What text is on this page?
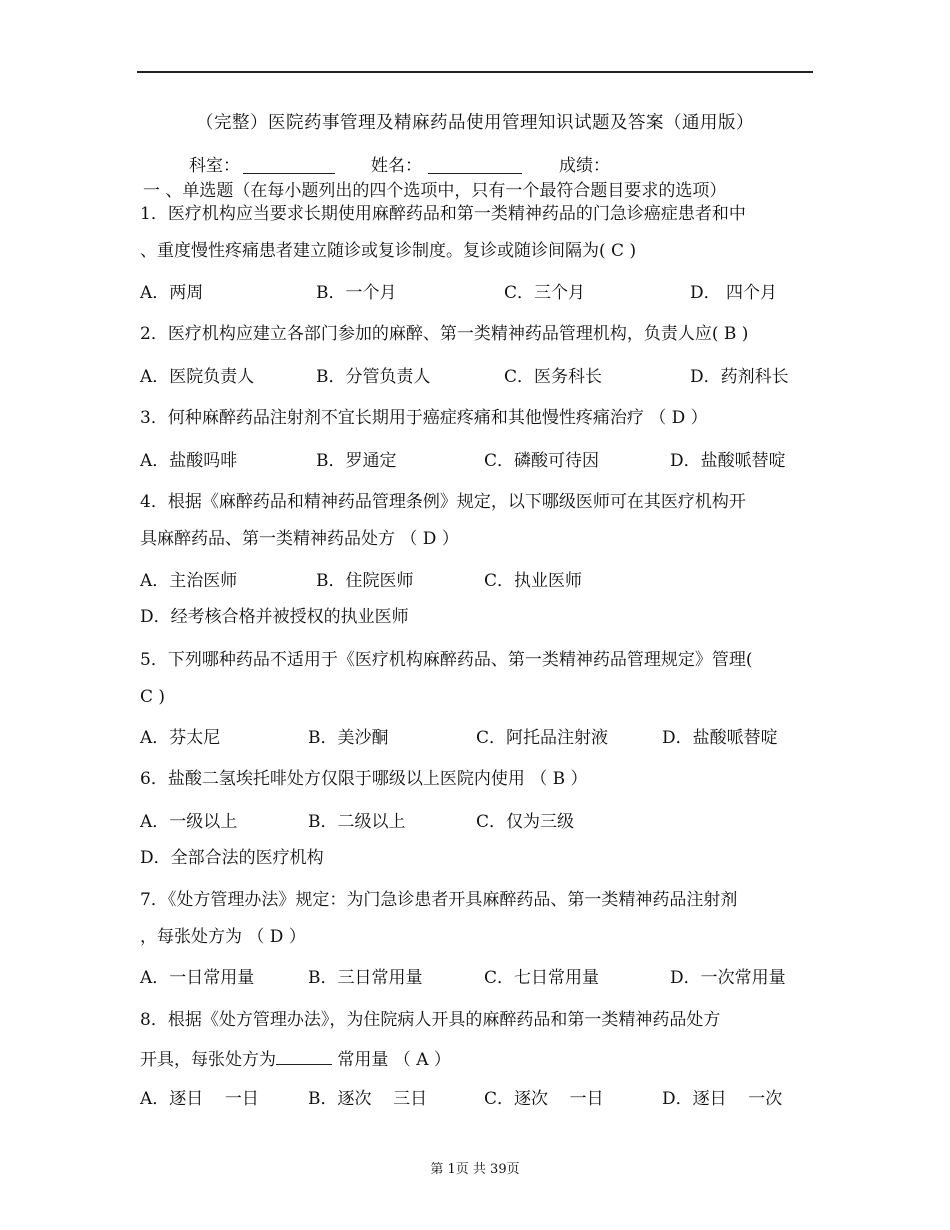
（完整）医院药事管理及精麻药品使用管理知识试题及答案（通用版）
科室：	姓名：	成绩：
一 、单选题（在每小题列出的四个选项中，只有一个最符合题目要求的选项）
1．医疗机构应当要求长期使用麻醉药品和第一类精神药品的门急诊癌症患者和中
、重度慢性疼痛患者建立随诊或复诊制度。复诊或随诊间隔为( C )
A．两周	B．一个月	C．三个月	D． 四个月
2．医疗机构应建立各部门参加的麻醉、第一类精神药品管理机构，负责人应( B )
A．医院负责人	B．分管负责人	C．医务科长	D．药剂科长
3．何种麻醉药品注射剂不宜长期用于癌症疼痛和其他慢性疼痛治疗 （ D ）
A．盐酸吗啡	B．罗通定	C．磷酸可待因	D．盐酸哌替啶
4．根据《麻醉药品和精神药品管理条例》规定，以下哪级医师可在其医疗机构开
具麻醉药品、第一类精神药品处方 （ D ）
A．主治医师	B．住院医师	C．执业医师
D．经考核合格并被授权的执业医师
5．下列哪种药品不适用于《医疗机构麻醉药品、第一类精神药品管理规定》管理(
C )
A．芬太尼	B．美沙酮	C．阿托品注射液	D．盐酸哌替啶
6．盐酸二氢埃托啡处方仅限于哪级以上医院内使用 （ B ）
A．一级以上	B．二级以上	C．仅为三级
D．全部合法的医疗机构
7．《处方管理办法》规定：为门急诊患者开具麻醉药品、第一类精神药品注射剂
，每张处方为 （ D ）
A．一日常用量	B．三日常用量	C．七日常用量	D．一次常用量
8．根据《处方管理办法》，为住院病人开具的麻醉药品和第一类精神药品处方
开具，每张处方为	常用量 （ A ）
A．逐日    一日	B．逐次    三日	C．逐次    一日	D．逐日    一次
第 1页 共 39页
